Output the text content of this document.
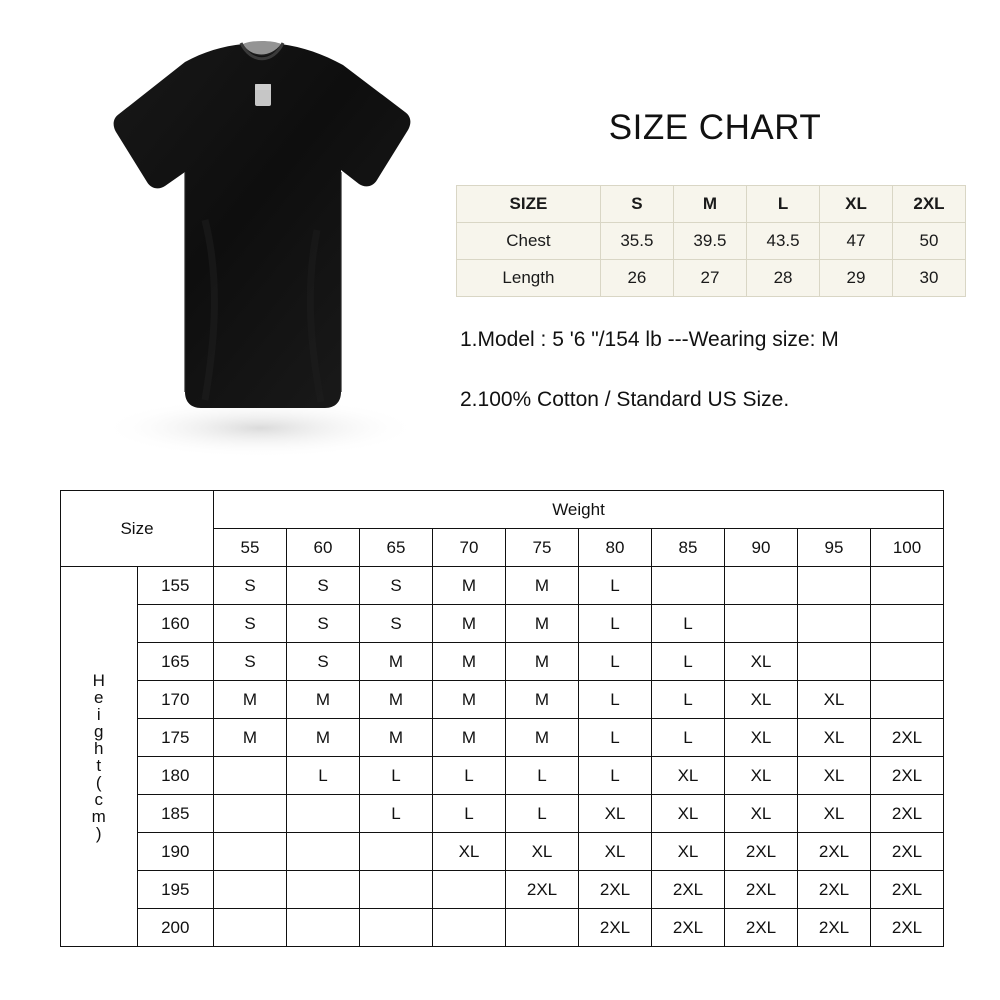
SIZE CHART
SIZE	S	M	L	XL	2XL
Chest	35.5	39.5	43.5	47	50
Length	26	27	28	29	30
1.Model : 5 '6 "/154 lb ---Wearing size: M
2.100% Cotton / Standard US Size.
Size		Weight									
		55	60	65	70	75	80	85	90	95	100

H
e
i
g
h
t
(
c
m
)
	155	S	S	S	M	M	L				
	160	S	S	S	M	M	L	L			
	165	S	S	M	M	M	L	L	XL		
	170	M	M	M	M	M	L	L	XL	XL	
	175	M	M	M	M	M	L	L	XL	XL	2XL
	180		L	L	L	L	L	XL	XL	XL	2XL
	185			L	L	L	XL	XL	XL	XL	2XL
	190				XL	XL	XL	XL	2XL	2XL	2XL
	195					2XL	2XL	2XL	2XL	2XL	2XL
	200						2XL	2XL	2XL	2XL	2XL
